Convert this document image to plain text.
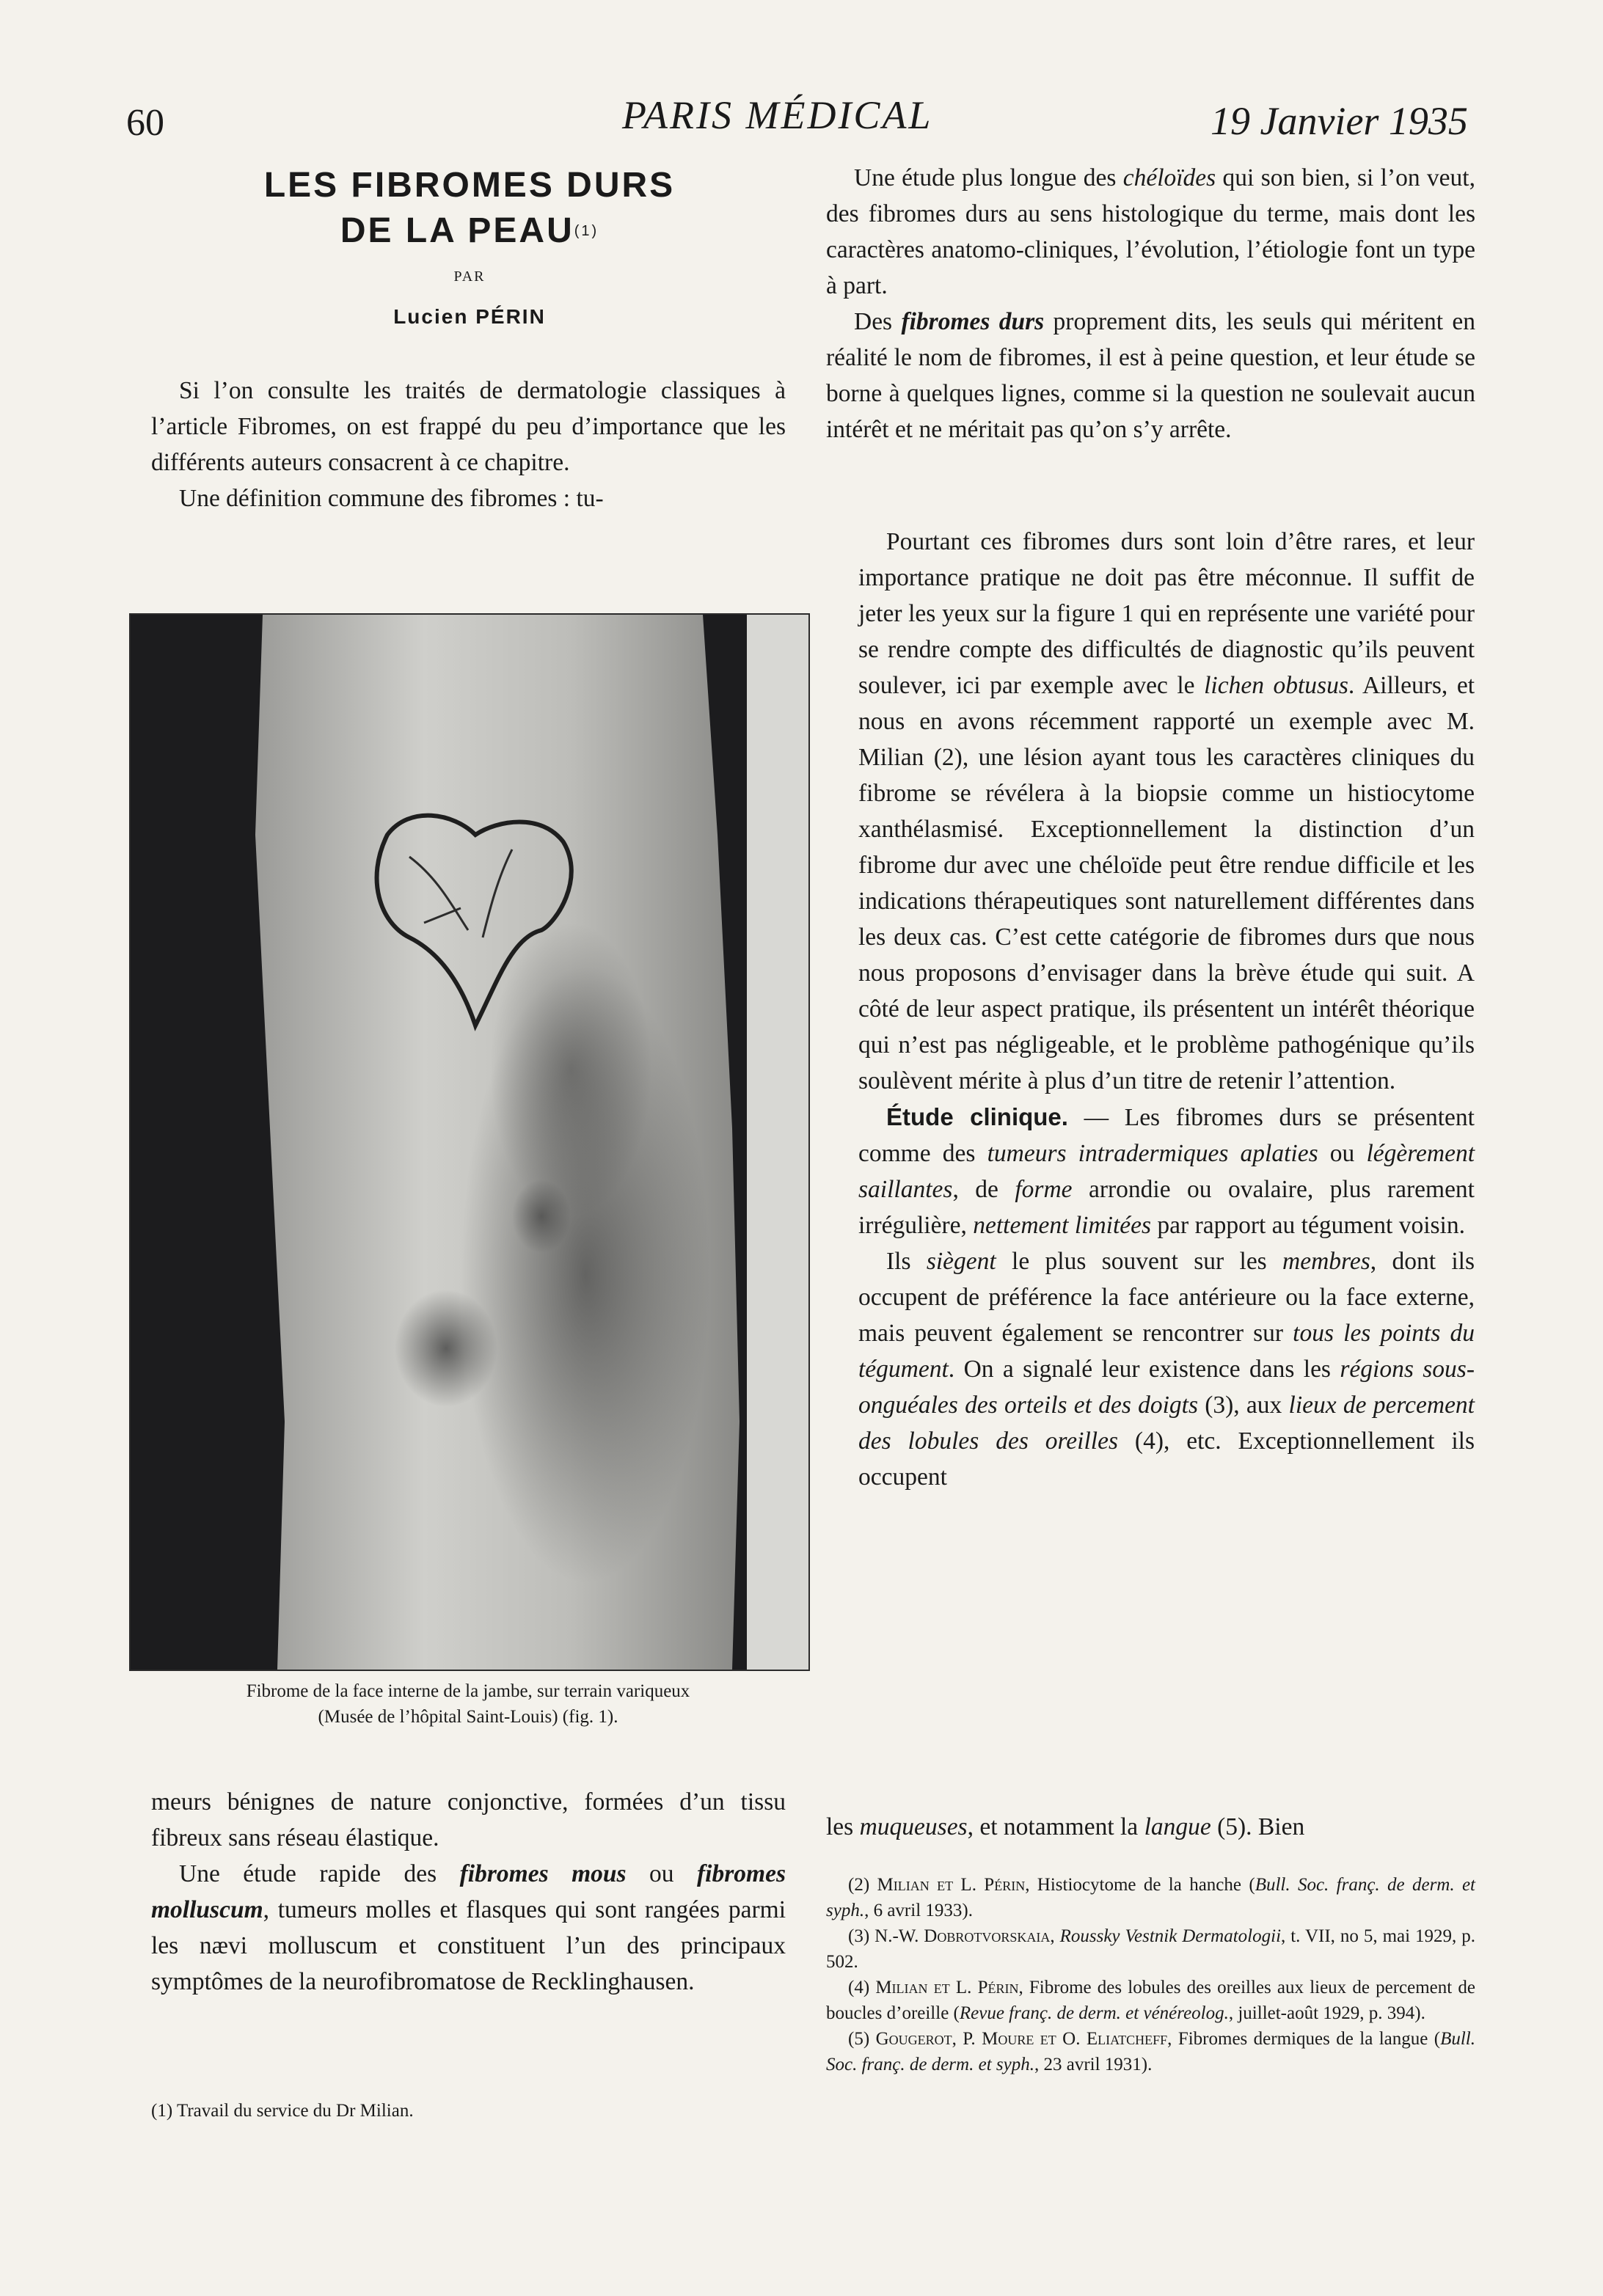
60	PARIS MÉDICAL	19 Janvier 1935
LES FIBROMES DURS
DE LA PEAU$^{(1)}$
PAR
Lucien PÉRIN

Si l’on consulte les traités de dermatologie classiques à l’article Fibromes, on est frappé du peu d’importance que les différents auteurs consacrent à ce chapitre.

Une définition commune des fibromes : tu-

Fibrome de la face interne de la jambe, sur terrain variqueux
(Musée de l’hôpital Saint-Louis) (fig. 1).

meurs bénignes de nature conjonctive, formées d’un tissu fibreux sans réseau élastique.

Une étude rapide des fibromes mous ou fibromes molluscum, tumeurs molles et flasques qui sont rangées parmi les nævi molluscum et constituent l’un des principaux symptômes de la neurofibromatose de Recklinghausen.

(1) Travail du service du Dr Milian.

Une étude plus longue des chéloïdes qui son bien, si l’on veut, des fibromes durs au sens histologique du terme, mais dont les caractères anatomo-cliniques, l’évolution, l’étiologie font un type à part.

Des fibromes durs proprement dits, les seuls qui méritent en réalité le nom de fibromes, il est à peine question, et leur étude se borne à quelques lignes, comme si la question ne soulevait aucun intérêt et ne méritait pas qu’on s’y arrête.

Pourtant ces fibromes durs sont loin d’être rares, et leur importance pratique ne doit pas être méconnue. Il suffit de jeter les yeux sur la figure 1 qui en représente une variété pour se rendre compte des difficultés de diagnostic qu’ils peuvent soulever, ici par exemple avec le lichen obtusus. Ailleurs, et nous en avons récemment rapporté un exemple avec M. Milian (2), une lésion ayant tous les caractères cliniques du fibrome se révélera à la biopsie comme un histiocytome xanthélasmisé. Exceptionnellement la distinction d’un fibrome dur avec une chéloïde peut être rendue difficile et les indications thérapeutiques sont naturellement différentes dans les deux cas. C’est cette catégorie de fibromes durs que nous nous proposons d’envisager dans la brève étude qui suit. A côté de leur aspect pratique, ils présentent un intérêt théorique qui n’est pas négligeable, et le problème pathogénique qu’ils soulèvent mérite à plus d’un titre de retenir l’attention.

Étude clinique. — Les fibromes durs se présentent comme des tumeurs intradermiques aplaties ou légèrement saillantes, de forme arrondie ou ovalaire, plus rarement irrégulière, nettement limitées par rapport au tégument voisin.

Ils siègent le plus souvent sur les membres, dont ils occupent de préférence la face antérieure ou la face externe, mais peuvent également se rencontrer sur tous les points du tégument. On a signalé leur existence dans les régions sous-onguéales des orteils et des doigts (3), aux lieux de percement des lobules des oreilles (4), etc. Exceptionnellement ils occupent

les muqueuses, et notamment la langue (5). Bien

(2) Milian et L. Périn, Histiocytome de la hanche (Bull. Soc. franç. de derm. et syph., 6 avril 1933).

(3) N.-W. Dobrotvorskaia, Roussky Vestnik Dermatologii, t. VII, no 5, mai 1929, p. 502.

(4) Milian et L. Périn, Fibrome des lobules des oreilles aux lieux de percement de boucles d’oreille (Revue franç. de derm. et vénéreolog., juillet-août 1929, p. 394).

(5) Gougerot, P. Moure et O. Eliatcheff, Fibromes dermiques de la langue (Bull. Soc. franç. de derm. et syph., 23 avril 1931).
